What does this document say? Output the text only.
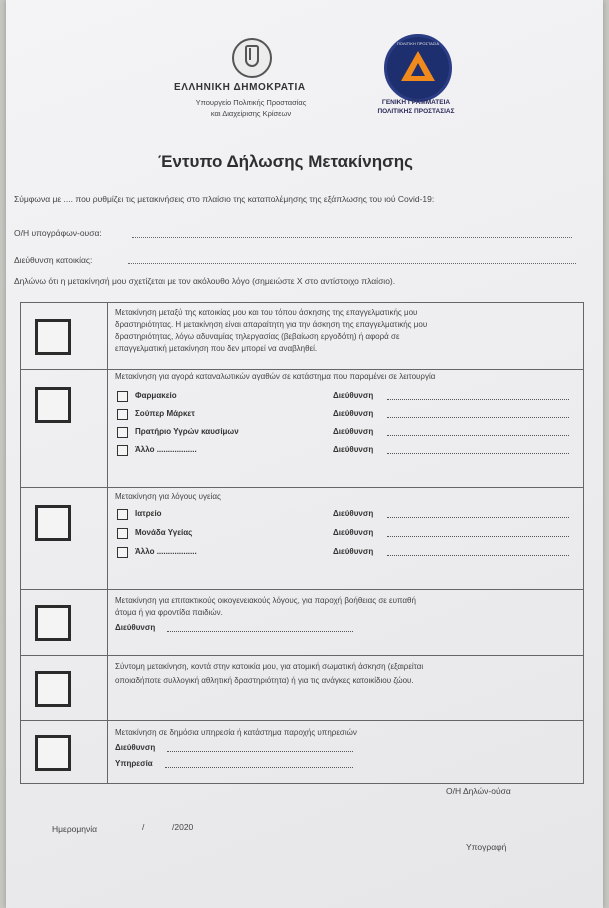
ΕΛΛΗΝΙΚΗ ΔΗΜΟΚΡΑΤΙΑ
Υπουργείο Πολιτικής Προστασίας
και Διαχείρισης Κρίσεων
ΠΟΛΙΤΙΚΗ ΠΡΟΣΤΑΣΙΑ
ΓΕΝΙΚΗ ΓΡΑΜΜΑΤΕΙΑ
ΠΟΛΙΤΙΚΗΣ ΠΡΟΣΤΑΣΙΑΣ
Έντυπο Δήλωσης Μετακίνησης
Σύμφωνα με .... που ρυθμίζει τις μετακινήσεις στο πλαίσιο της καταπολέμησης της εξάπλωσης του ιού Covid-19:
Ο/Η υπογράφων-ουσα:
Διεύθυνση κατοικίας:
Δηλώνω ότι η μετακίνησή μου σχετίζεται με τον ακόλουθο λόγο (σημειώστε Χ στο αντίστοιχο πλαίσιο).
Μετακίνηση μεταξύ της κατοικίας μου και του τόπου άσκησης της επαγγελματικής μου
δραστηριότητας. Η μετακίνηση είναι απαραίτητη για την άσκηση της επαγγελματικής μου
δραστηριότητας, λόγω αδυναμίας τηλεργασίας (βεβαίωση εργοδότη) ή αφορά σε
επαγγελματική μετακίνηση που δεν μπορεί να αναβληθεί.
Μετακίνηση για αγορά καταναλωτικών αγαθών σε κατάστημα που παραμένει σε λειτουργία
Φαρμακείο	Διεύθυνση
Σούπερ Μάρκετ	Διεύθυνση
Πρατήριο Υγρών καυσίμων	Διεύθυνση
Άλλο ..................	Διεύθυνση
Μετακίνηση για λόγους υγείας
Ιατρείο	Διεύθυνση
Μονάδα Υγείας	Διεύθυνση
Άλλο ..................	Διεύθυνση
Μετακίνηση για επιτακτικούς οικογενειακούς λόγους, για παροχή βοήθειας σε ευπαθή
άτομα ή για φροντίδα παιδιών.
Διεύθυνση
Σύντομη μετακίνηση, κοντά στην κατοικία μου, για ατομική σωματική άσκηση (εξαιρείται
οποιαδήποτε συλλογική αθλητική δραστηριότητα) ή για τις ανάγκες κατοικίδιου ζώου.
Μετακίνηση σε δημόσια υπηρεσία ή κατάστημα παροχής υπηρεσιών
Διεύθυνση
Υπηρεσία
Ο/Η Δηλών-ούσα
Ημερομηνία	/	/2020
Υπογραφή
